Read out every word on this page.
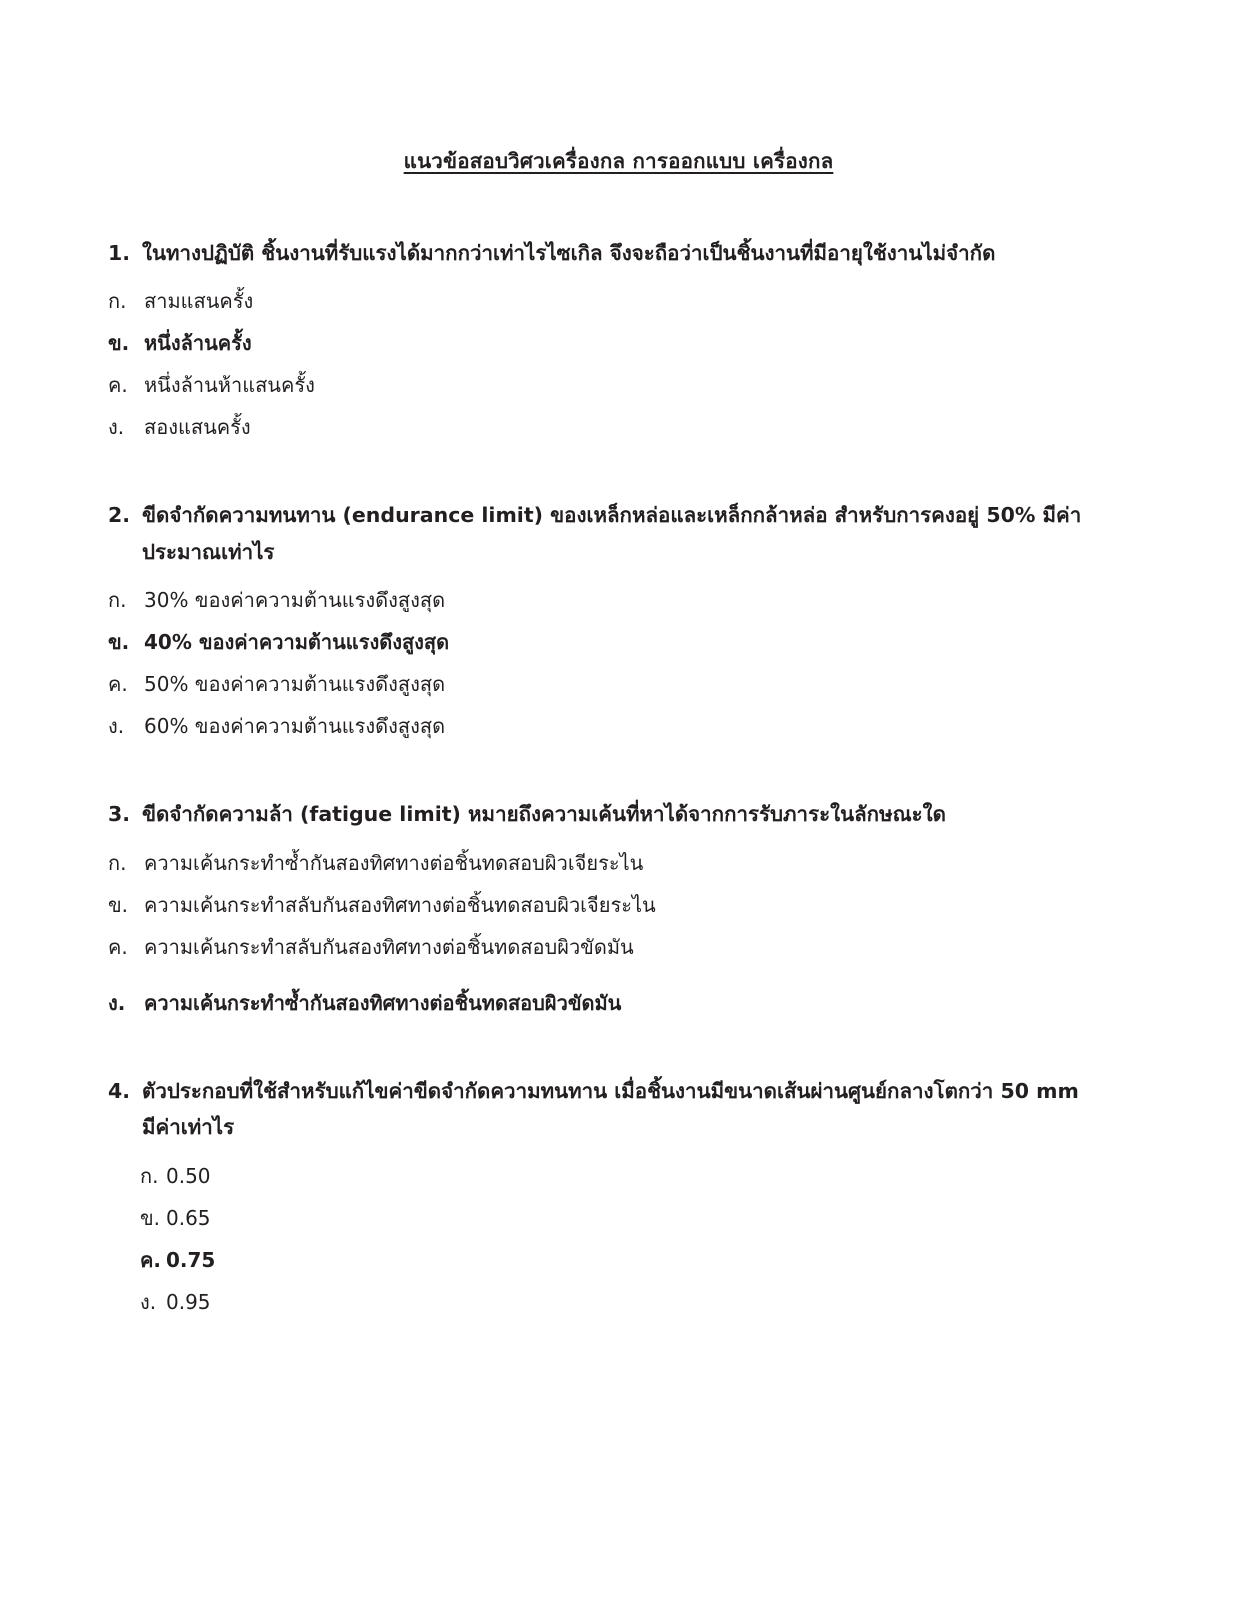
แนวข้อสอบวิศวเครื่องกล การออกแบบ เครื่องกล
1. ในทางปฏิบัติ ชิ้นงานที่รับแรงได้มากกว่าเท่าไรไซเกิล จึงจะถือว่าเป็นชิ้นงานที่มีอายุใช้งานไม่จำกัด
ก. สามแสนครั้ง
ข. หนึ่งล้านครั้ง
ค. หนึ่งล้านห้าแสนครั้ง
ง. สองแสนครั้ง
2. ขีดจำกัดความทนทาน (endurance limit) ของเหล็กหล่อและเหล็กกล้าหล่อ สำหรับการคงอยู่ 50% มีค่าประมาณเท่าไร
ก. 30% ของค่าความต้านแรงดึงสูงสุด
ข. 40% ของค่าความต้านแรงดึงสูงสุด
ค. 50% ของค่าความต้านแรงดึงสูงสุด
ง. 60% ของค่าความต้านแรงดึงสูงสุด
3. ขีดจำกัดความล้า (fatigue limit) หมายถึงความเค้นที่หาได้จากการรับภาระในลักษณะใด
ก. ความเค้นกระทำซ้ำกันสองทิศทางต่อชิ้นทดสอบผิวเจียระไน
ข. ความเค้นกระทำสลับกันสองทิศทางต่อชิ้นทดสอบผิวเจียระไน
ค. ความเค้นกระทำสลับกันสองทิศทางต่อชิ้นทดสอบผิวขัดมัน
ง. ความเค้นกระทำซ้ำกันสองทิศทางต่อชิ้นทดสอบผิวขัดมัน
4. ตัวประกอบที่ใช้สำหรับแก้ไขค่าขีดจำกัดความทนทาน เมื่อชิ้นงานมีขนาดเส้นผ่านศูนย์กลางโตกว่า 50 mm มีค่าเท่าไร
ก. 0.50
ข. 0.65
ค. 0.75
ง. 0.95
